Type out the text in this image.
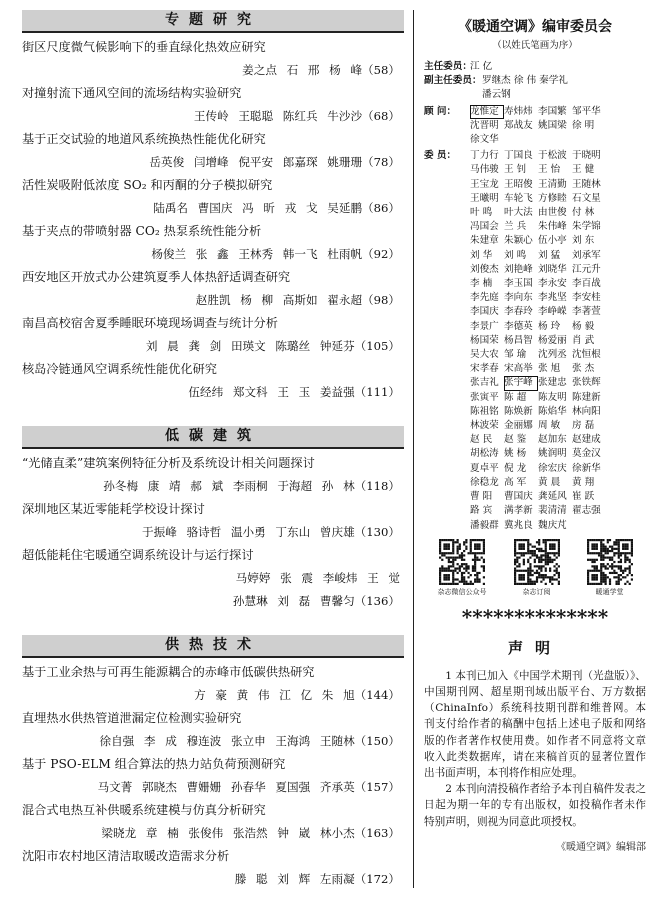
专题研究
街区尺度微气候影响下的垂直绿化热效应研究
姜之点 石 邢 杨 峰（58）
对撞射流下通风空间的流场结构实验研究
王传岭 王聪聪 陈红兵 牛沙沙（68）
基于正交试验的地道风系统换热性能优化研究
岳英俊 闫增峰 倪平安 郎嘉琛 姚珊珊（78）
活性炭吸附低浓度 SO₂ 和丙酮的分子模拟研究
陆禹名 曹国庆 冯 昕 戎 戈 吴延鹏（86）
基于夹点的带喷射器 CO₂ 热泵系统性能分析
杨俊兰 张 鑫 王林秀 韩一飞 杜雨帆（92）
西安地区开放式办公建筑夏季人体热舒适调查研究
赵胜凯 杨 柳 高斯如 翟永超（98）
南昌高校宿舍夏季睡眠环境现场调查与统计分析
刘 晨 龚 剑 田瑛文 陈璐丝 钟延芬（105）
核岛冷链通风空调系统性能优化研究
伍经纬 郑文科 王 玉 姜益强（111）
低碳建筑
“光储直柔”建筑案例特征分析及系统设计相关问题探讨
孙冬梅 康 靖 郝 斌 李雨桐 于海超 孙 林（118）
深圳地区某近零能耗学校设计探讨
于振峰 骆诗哲 温小勇 丁东山 曾庆雄（130）
超低能耗住宅暖通空调系统设计与运行探讨
马婷婷 张 震 李峻炜 王 觉
孙慧琳 刘 磊 曹馨匀（136）
供热技术
基于工业余热与可再生能源耦合的赤峰市低碳供热研究
方 豪 黄 伟 江 亿 朱 旭（144）
直埋热水供热管道泄漏定位检测实验研究
徐自强 李 成 穆连波 张立申 王海鸿 王随林（150）
基于 PSO-ELM 组合算法的热力站负荷预测研究
马文菁 郭晓杰 曹姗姗 孙春华 夏国强 齐承英（157）
混合式电热互补供暖系统建模与仿真分析研究
梁晓龙 章 楠 张俊伟 张浩然 钟 崴 林小杰（163）
沈阳市农村地区清洁取暖改造需求分析
滕 聪 刘 辉 左雨凝（172）
《暖通空调》编审委员会
（以姓氏笔画为序）
主任委员：
江 亿
副主任委员： 罗继杰 徐 伟 秦学礼
潘云钢
顾 问：	龙惟定 寿炜炜 李国繁 邹平华
沈晋明 郑战友 姚国梁 徐 明
徐文华
委 员：	丁力行 丁国良 于松波 于晓明
马伟骏 王 钊	王 怡	王 健
王宝龙 王昭俊 王清勤 王随林
王曦明 车轮飞 方修睦 石文星
叶 鸣	叶大法 由世俊 付 林
冯国会 兰 兵	朱伟峰 朱学锦
朱建章 朱颖心 伍小亭 刘 东
刘 华	刘 鸣	刘 猛	刘承军
刘俊杰 刘艳峰 刘晓华 江元升
李 楠	李玉国 李永安 李百战
李先庭 李向东 李兆坚 李安桂
李国庆 李春玲 李峥嵘 李著萱
李景广 李德英 杨 玲	杨 毅
杨国荣 杨昌智 杨爱丽 肖 武
吴大农 邹 瑜	沈列丞 沈恒根
宋孝春 宋高举 张 旭	张 杰
张吉礼 张宇峰 张建忠 张铁辉
张寅平 陈 超	陈友明 陈建新
陈祖铭 陈焕新 陈焰华 林向阳
林波荣 金丽娜 周 敏	房 磊
赵 民	赵 鉴	赵加东 赵建成
胡松涛 姚 杨	姚润明 莫金汉
夏卓平 倪 龙	徐宏庆 徐新华
徐稳龙 高 军	黄 晨	黄 翔
曹 阳	曹国庆 龚延风 崔 跃
路 宾	满孝新 裴清清 翟志强
潘毅群 冀兆良 魏庆芃
杂志微信公众号	杂志订阅	暖通学堂
**************
声明

1 本刊已加入《中国学术期刊（光盘版）》、中国期刊网、超星期刊域出版平台、万方数据（ChinaInfo）系统科技期刊群和维普网。本刊支付给作者的稿酬中包括上述电子版和网络版的作者著作权使用费。如作者不同意将文章收入此类数据库，请在来稿首页的显著位置作出书面声明，本刊将作相应处理。

2 本刊向清投稿作者给予本刊自稿件发表之日起为期一年的专有出版权，如投稿作者未作特别声明，则视为同意此项授权。

《暖通空调》编辑部
